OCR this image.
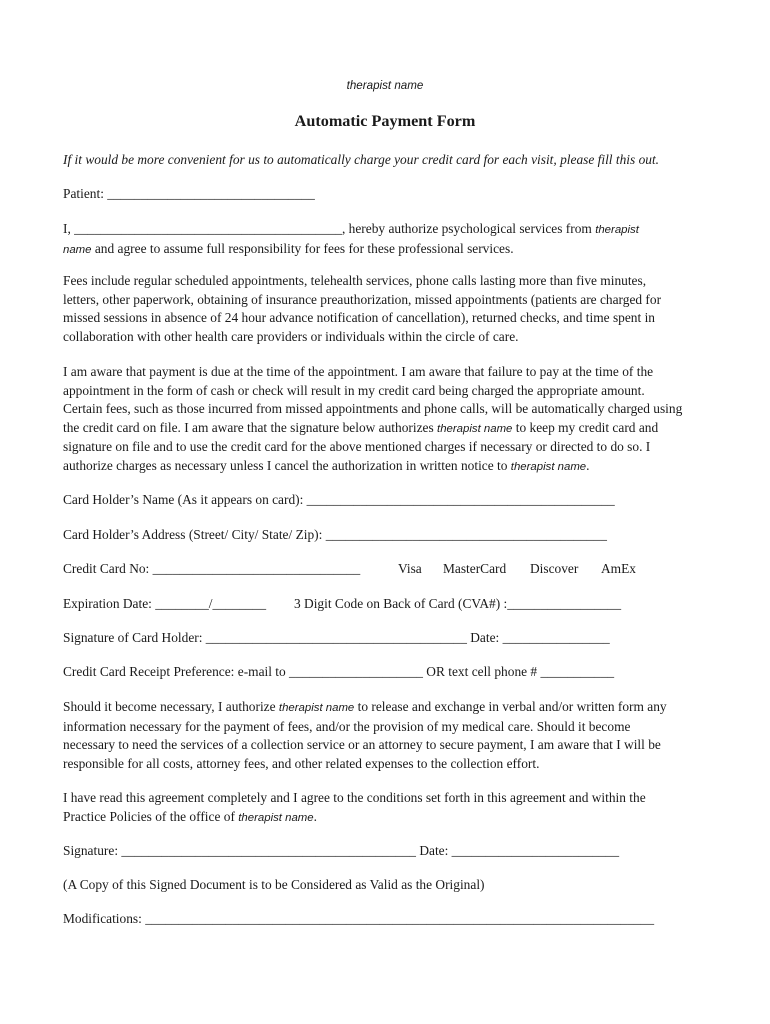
therapist name
Automatic Payment Form
If it would be more convenient for us to automatically charge your credit card for each visit, please fill this out.
Patient: _______________________________
I, ________________________________________, hereby authorize psychological services from therapist
name and agree to assume full responsibility for fees for these professional services.
Fees include regular scheduled appointments, telehealth services, phone calls lasting more than five minutes,
letters, other paperwork, obtaining of insurance preauthorization, missed appointments (patients are charged for
missed sessions in absence of 24 hour advance notification of cancellation), returned checks, and time spent in
collaboration with other health care providers or individuals within the circle of care.
I am aware that payment is due at the time of the appointment. I am aware that failure to pay at the time of the
appointment in the form of cash or check will result in my credit card being charged the appropriate amount.
Certain fees, such as those incurred from missed appointments and phone calls, will be automatically charged using
the credit card on file. I am aware that the signature below authorizes therapist name to keep my credit card and
signature on file and to use the credit card for the above mentioned charges if necessary or directed to do so. I
authorize charges as necessary unless I cancel the authorization in written notice to therapist name.
Card Holder’s Name (As it appears on card): ______________________________________________
Card Holder’s Address (Street/ City/ State/ Zip): __________________________________________
Credit Card No: _______________________________	Visa MasterCard Discover AmEx
Expiration Date: ________/________ 3 Digit Code on Back of Card (CVA#) :_________________
Signature of Card Holder: _______________________________________ Date: ________________
Credit Card Receipt Preference: e-mail to ____________________ OR text cell phone # ___________
Should it become necessary, I authorize therapist name to release and exchange in verbal and/or written form any
information necessary for the payment of fees, and/or the provision of my medical care. Should it become
necessary to need the services of a collection service or an attorney to secure payment, I am aware that I will be
responsible for all costs, attorney fees, and other related expenses to the collection effort.
I have read this agreement completely and I agree to the conditions set forth in this agreement and within the
Practice Policies of the office of therapist name.
Signature: ____________________________________________ Date: _________________________
(A Copy of this Signed Document is to be Considered as Valid as the Original)
Modifications: ____________________________________________________________________________
